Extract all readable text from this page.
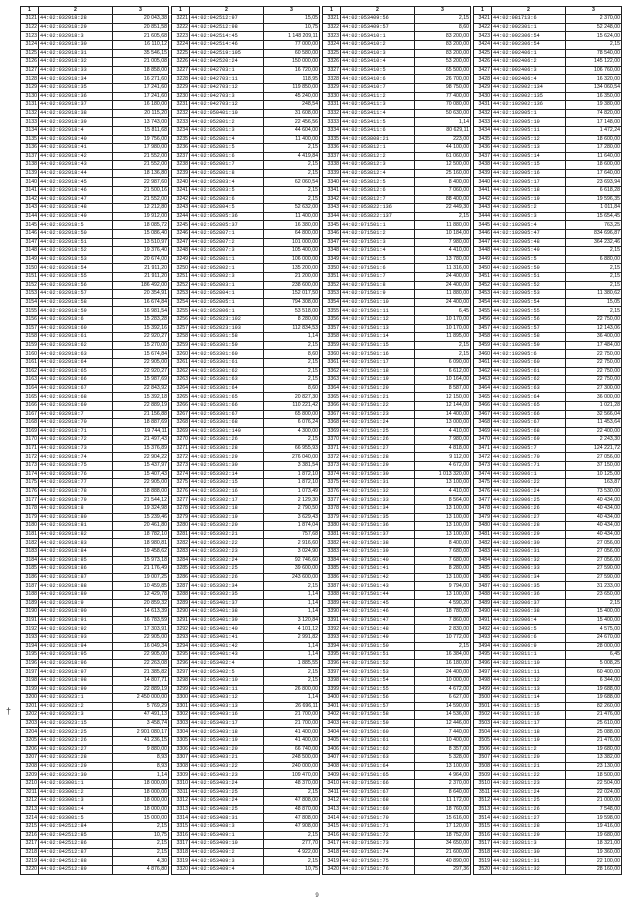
1	2	3
3121	44:02:032918:28	20 043,38
3122	44:02:032918:29	20 851,58
3123	44:02:032918:3	21 605,68
3124	44:02:032918:30	16 110,12
3125	44:02:032918:31	35 546,15
3126	44:02:032918:32	21 005,08
3127	44:02:032918:33	18 858,00
3128	44:02:032918:34	16 271,60
3129	44:02:032918:35	17 241,60
3130	44:02:032918:36	17 241,60
3131	44:02:032918:37	16 180,00
3132	44:02:032918:38	20 115,20
3133	44:02:032918:39	13 743,00
3134	44:02:032918:4	15 811,68
3135	44:02:032918:40	19 756,00
3136	44:02:032918:41	17 980,00
3137	44:02:032918:42	21 552,00
3138	44:02:032918:43	21 552,00
3139	44:02:032918:44	18 136,80
3140	44:02:032918:45	22 987,60
3141	44:02:032918:46	21 500,16
3142	44:02:032918:47	21 552,00
3143	44:02:032918:48	12 212,80
3144	44:02:032918:49	19 912,00
3145	44:02:032918:5	18 085,72
3146	44:02:032918:50	15 086,40
3147	44:02:032918:51	13 510,97
3148	44:02:032918:52	19 376,40
3149	44:02:032918:53	20 674,00
3150	44:02:032918:54	21 911,20
3151	44:02:032918:55	21 911,20
3152	44:02:032918:56	186 492,00
3153	44:02:032918:57	20 354,91
3154	44:02:032918:58	16 674,84
3155	44:02:032918:59	16 981,54
3156	44:02:032918:6	15 283,28
3157	44:02:032918:60	15 392,16
3158	44:02:032918:61	22 920,27
3159	44:02:032918:62	15 270,00
3160	44:02:032918:63	15 674,84
3161	44:02:032918:64	22 905,00
3162	44:02:032918:65	22 920,27
3163	44:02:032918:66	15 987,69
3164	44:02:032918:67	22 843,92
3165	44:02:032918:68	15 392,18
3166	44:02:032918:69	22 889,19
3167	44:02:032918:7	21 156,88
3168	44:02:032918:70	18 887,69
3169	44:02:032918:71	19 744,11
3170	44:02:032918:72	21 497,43
3171	44:02:032918:73	15 376,89
3172	44:02:032918:74	22 904,22
3173	44:02:032918:75	15 437,97
3174	44:02:032918:76	15 407,43
3175	44:02:032918:77	22 905,00
3176	44:02:032918:78	18 888,00
3177	44:02:032918:79	21 544,12
3178	44:02:032918:8	19 324,98
3179	44:02:032918:80	15 239,46
3180	44:02:032918:81	20 461,80
3181	44:02:032918:82	18 782,10
3182	44:02:032918:83	18 980,81
3183	44:02:032918:84	19 458,62
3184	44:02:032918:85	15 973,18
3185	44:02:032918:86	21 176,49
3186	44:02:032918:87	19 007,25
3187	44:02:032918:88	10 459,85
3188	44:02:032918:89	12 429,78
3189	44:02:032918:9	20 859,32
3190	44:02:032918:90	14 613,39
3191	44:02:032918:91	16 783,59
3192	44:02:032918:92	17 303,91
3193	44:02:032918:93	22 905,00
3194	44:02:032918:94	16 049,34
3195	44:02:032918:95	22 905,00
3196	44:02:032918:96	22 263,08
3197	44:02:032918:97	21 385,82
3198	44:02:032918:98	14 807,71
3199	44:02:032918:99	22 889,19
3200	44:02:032923:1	2 450 000,00
3201	44:02:032923:2	5 769,29
3202	44:02:032923:3	47 491,13
3203	44:02:032923:15	3 458,74
3204	44:02:032923:25	2 901 080,17
3205	44:02:032923:26	41 236,15
3206	44:02:032923:27	9 880,00
3207	44:02:032923:28	8,93
3208	44:02:032923:29	8,93
3209	44:02:032923:30	1,14
3210	44:02:033001:1	18 000,00
3211	44:02:033001:2	18 000,00
3212	44:02:033001:3	18 000,00
3213	44:02:033001:4	18 000,00
3214	44:02:033001:5	15 000,00
3215	44:02:042512:84	2,15
3216	44:02:042512:85	10,75
3217	44:02:042512:86	2,15
3218	44:02:042512:87	2,15
3219	44:02:042512:88	4,30
3220	44:02:042512:89	4 876,80
1	2	3
3221	44:02:042512:97	15,05
3222	44:02:042512:98	10,75
3223	44:02:042514:45	1 148 209,11
3224	44:02:042514:46	77 000,00
3225	44:02:042519:105	60 580,00
3226	44:02:042520:24	150 000,00
3227	44:02:042703:1	16 720,00
3228	44:02:042703:11	118,95
3229	44:02:042703:12	119 850,00
3230	44:02:042703:3	45 240,00
3231	44:02:042703:12	248,54
3232	44:02:050401:10	31 608,00
3233	44:02:052801:2	22 456,56
3234	44:02:052801:3	44 604,00
3235	44:02:052801:4	11 400,00
3236	44:02:052801:5	2,15
3237	44:02:052801:6	4 419,84
3238	44:02:052801:7	2,15
3239	44:02:052801:8	2,15
3240	44:02:052803:4	62 060,54
3241	44:02:052803:5	2,15
3242	44:02:052803:6	2,15
3243	44:02:052804:5	52 632,00
3244	44:02:052805:36	11 400,00
3245	44:02:052805:37	16 380,00
3246	44:02:052807:1	64 800,00
3247	44:02:052807:2	101 000,00
3248	44:02:052807:3	105 400,00
3249	44:02:052801:1	106 000,00
3250	44:02:052802:1	135 200,00
3251	44:02:052802:3	21 200,00
3252	44:02:052803:1	238 600,00
3253	44:02:052804:1	152 017,50
3254	44:02:052805:1	794 308,00
3255	44:02:052806:1	53 518,00
3256	44:02:052823:102	8 280,00
3257	44:02:052823:103	112 834,53
3258	44:02:053301:58	1,14
3259	44:02:053301:59	2,15
3260	44:02:053301:60	8,60
3261	44:02:053301:61	2,15
3262	44:02:053301:62	2,15
3263	44:02:053301:63	2,15
3264	44:02:053301:64	8,60
3265	44:02:053301:65	20 827,30
3266	44:02:053301:66	110 221,42
3267	44:02:053301:67	65 800,00
3268	44:02:053301:68	6 076,24
3269	44:02:053301:140	4 300,00
3270	44:02:053301:26	2,15
3271	44:02:053301:28	66 955,93
3272	44:02:053301:29	276 040,00
3273	44:02:053301:30	3 381,54
3274	44:02:053302:14	1 872,10
3275	44:02:053302:15	1 872,10
3276	44:02:053302:16	1 073,49
3277	44:02:053302:17	2 129,30
3278	44:02:053302:18	2 790,50
3279	44:02:053302:19	3 629,43
3280	44:02:053302:20	1 874,04
3281	44:02:053302:21	757,68
3282	44:02:053302:22	2 916,60
3283	44:02:053302:23	3 024,90
3284	44:02:053302:24	92 746,60
3285	44:02:053302:25	39 600,00
3286	44:02:053302:26	243 600,00
3287	44:02:053302:34	2,15
3288	44:02:053302:35	1,14
3289	44:02:053401:37	1,14
3290	44:02:053401:38	1,14
3291	44:02:053401:39	3 120,84
3292	44:02:053401:40	4 101,12
3293	44:02:053401:41	2 991,82
3294	44:02:053401:42	1,14
3295	44:02:053401:43	1,14
3296	44:02:053402:4	1 885,55
3297	44:02:053402:5	2,15
3298	44:02:053403:10	2,15
3299	44:02:053403:11	26 800,00
3300	44:02:053403:12	1,14
3301	44:02:053403:13	26 696,11
3302	44:02:053403:16	21 700,00
3303	44:02:053403:17	21 700,00
3304	44:02:053403:18	41 400,00
3305	44:02:053403:19	41 400,00
3306	44:02:053403:20	66 740,00
3307	44:02:053403:21	248 500,00
3308	44:02:053403:22	240 000,00
3309	44:02:053403:23	109 470,00
3310	44:02:053403:24	48 370,00
3311	44:02:053403:25	2,15
3312	44:02:053408:24	47 808,00
3313	44:02:053408:25	48 870,00
3314	44:02:053408:31	47 808,00
3315	44:02:053408:3	47 908,00
3316	44:02:053409:1	2,15
3317	44:02:053409:10	277,70
3318	44:02:053409:2	4 922,00
3319	44:02:053409:3	2,15
3320	44:02:053409:4	10,75
1	2	3
3321	44:02:053409:56	2,15
3322	44:02:053409:57	8,60
3323	44:02:053410:1	83 200,00
3324	44:02:053410:2	83 200,00
3325	44:02:053410:3	83 200,00
3326	44:02:053410:4	53 200,00
3327	44:02:053410:5	65 500,00
3328	44:02:053410:6	26 700,00
3329	44:02:053410:7	98 750,00
3330	44:02:053411:2	77 400,00
3331	44:02:053411:3	70 080,00
3332	44:02:053411:4	50 630,00
3333	44:02:053411:5	1,14
3334	44:02:053411:6	80 629,11
3335	44:02:053808:21	223,00
3336	44:02:053812:1	44 100,00
3337	44:02:053812:2	61 060,00
3338	44:02:053812:3	12 500,00
3339	44:02:053812:4	25 160,00
3340	44:02:053812:5	8 400,00
3341	44:02:053812:6	7 060,00
3342	44:02:053812:7	88 400,00
3343	44:02:053822:136	22 449,30
3344	44:02:053822:137	2,15
3345	44:02:071501:1	11 880,00
3346	44:02:071501:2	10 184,00
3347	44:02:071501:3	7 980,00
3348	44:02:071501:4	4 410,00
3349	44:02:071501:5	13 780,00
3350	44:02:071501:6	11 316,00
3351	44:02:071501:7	24 400,00
3352	44:02:071501:8	24 400,00
3353	44:02:071501:9	11 880,00
3354	44:02:071501:10	24 400,00
3355	44:02:071501:11	6,45
3356	44:02:071501:12	10 170,00
3357	44:02:071501:13	10 170,00
3358	44:02:071501:14	11 895,00
3359	44:02:071501:15	2,15
3360	44:02:071501:16	2,15
3361	44:02:071501:17	6 090,00
3362	44:02:071501:18	6 612,00
3363	44:02:071501:19	10 164,00
3364	44:02:071501:20	8 587,00
3365	44:02:071501:21	12 150,00
3366	44:02:071501:22	12 144,00
3367	44:02:071501:23	14 400,00
3368	44:02:071501:24	13 000,00
3369	44:02:071501:25	4 410,00
3370	44:02:071501:26	7 980,00
3371	44:02:071501:27	4 818,00
3372	44:02:071501:28	9 112,00
3373	44:02:071501:29	4 672,00
3374	44:02:071501:30	1 013 320,00
3375	44:02:071501:31	13 100,00
3376	44:02:071501:32	4 410,00
3377	44:02:071501:33	8 564,00
3378	44:02:071501:34	13 100,00
3379	44:02:071501:35	13 100,00
3380	44:02:071501:36	13 100,00
3381	44:02:071501:37	13 100,00
3382	44:02:071501:38	8 400,00
3383	44:02:071501:39	7 680,00
3384	44:02:071501:40	7 680,00
3385	44:02:071501:41	8 280,00
3386	44:02:071501:42	13 100,00
3387	44:02:071501:43	9 794,00
3388	44:02:071501:44	13 100,00
3389	44:02:071501:45	4 590,20
3390	44:02:071501:46	18 780,00
3391	44:02:071501:47	7 860,00
3392	44:02:071501:48	2 830,00
3393	44:02:071501:49	10 772,00
3394	44:02:071501:50	2,15
3395	44:02:071501:51	16 384,00
3396	44:02:071501:52	16 180,00
3397	44:02:071501:53	24 400,00
3398	44:02:071501:54	10 000,00
3399	44:02:071501:55	4 672,00
3400	44:02:071501:56	6 627,00
3401	44:02:071501:57	14 590,00
3402	44:02:071501:58	14 536,00
3403	44:02:071501:59	12 446,00
3404	44:02:071501:60	7 440,00
3405	44:02:071501:61	10 400,00
3406	44:02:071501:62	8 357,00
3407	44:02:071501:63	5 328,00
3408	44:02:071501:64	13 100,00
3409	44:02:071501:65	4 964,00
3410	44:02:071501:66	2 370,00
3411	44:02:071501:67	8 640,00
3412	44:02:071501:68	11 172,00
3413	44:02:071501:69	18 760,00
3414	44:02:071501:70	15 616,00
3415	44:02:071501:71	17 120,00
3416	44:02:071501:72	18 752,00
3417	44:02:071501:73	34 650,00
3418	44:02:071501:74	21 600,00
3419	44:02:071501:75	40 890,00
3420	44:02:071501:76	297,36
1	2	3
3421	44:02:081713:6	2 370,00
3422	44:02:092301:1	52 248,00
3423	44:02:092306:54	15 624,00
3424	44:02:092306:54	2,15
3425	44:02:092406:1	78 540,00
3426	44:02:092406:2	145 122,00
3427	44:02:092406:3	106 760,00
3428	44:02:092406:4	16 320,00
3429	44:02:102902:134	134 060,54
3430	44:02:102902:135	16 350,00
3431	44:02:102902:136	19 380,00
3432	44:02:102905:1	74 820,00
3433	44:02:102905:10	17 148,00
3434	44:02:102905:11	1 472,24
3435	44:02:102905:12	18 600,00
3436	44:02:102905:13	17 280,00
3437	44:02:102905:14	11 640,00
3438	44:02:102905:15	18 600,00
3439	44:02:102905:16	17 640,00
3440	44:02:102905:17	23 693,94
3441	44:02:102905:18	6 618,28
3442	44:02:102905:19	19 596,35
3443	44:02:102905:2	1 011,84
3444	44:02:102905:3	15 654,45
3445	44:02:102905:4	763,25
3446	44:02:102905:47	834 696,87
3447	44:02:102905:48	364 232,46
3448	44:02:102905:49	2,15
3449	44:02:102905:5	6 880,00
3450	44:02:102905:50	2,15
3451	44:02:102905:51	2,15
3452	44:02:102905:52	2,15
3453	44:02:102905:53	11 380,62
3454	44:02:102905:54	15,05
3455	44:02:102905:55	2,15
3456	44:02:102905:56	22 750,00
3457	44:02:102905:57	12 143,06
3458	44:02:102905:58	36 400,00
3459	44:02:102905:59	17 484,00
3460	44:02:102905:6	22 750,00
3461	44:02:102905:60	22 750,00
3462	44:02:102905:61	22 750,00
3463	44:02:102905:62	22 750,00
3464	44:02:102905:63	27 300,00
3465	44:02:102905:64	36 000,00
3466	44:02:102905:65	1 021,28
3467	44:02:102905:66	32 566,04
3468	44:02:102905:67	11 453,64
3469	44:02:102905:68	22 400,00
3470	44:02:102905:69	2 243,30
3471	44:02:102905:7	124 221,72
3472	44:02:102905:70	27 056,00
3473	44:02:102905:71	37 150,00
3474	44:02:102906:1	10 125,00
3475	44:02:102906:22	163,87
3476	44:02:102906:24	73 530,00
3477	44:02:102906:25	40 434,00
3478	44:02:102906:26	40 434,00
3479	44:02:102906:27	40 434,00
3480	44:02:102906:28	40 434,00
3481	44:02:102906:29	40 434,00
3482	44:02:102906:30	27 056,00
3483	44:02:102906:31	27 056,00
3484	44:02:102906:32	27 056,00
3485	44:02:102906:33	27 590,00
3486	44:02:102906:34	27 590,00
3487	44:02:102906:35	31 233,00
3488	44:02:102906:36	23 650,00
3489	44:02:102906:37	2,15
3490	44:02:102906:38	15 400,00
3491	44:02:102906:4	15 400,00
3492	44:02:102906:5	4 575,00
3493	44:02:102906:6	24 670,00
3494	44:02:102906:9	28 000,00
3495	44:02:102811:1	6,45
3496	44:02:102811:10	5 008,25
3497	44:02:102811:11	60 400,00
3498	44:02:102811:12	6 344,00
3499	44:02:102811:13	19 688,00
3500	44:02:102811:14	19 688,00
3501	44:02:102811:15	82 260,00
3502	44:02:102811:16	21 476,00
3503	44:02:102811:17	25 610,00
3504	44:02:102811:18	25 088,00
3505	44:02:102811:19	21 476,00
3506	44:02:102811:2	19 680,00
3507	44:02:102811:20	13 382,00
3508	44:02:102811:21	23 130,00
3509	44:02:102811:22	18 500,00
3510	44:02:102811:23	22 504,00
3511	44:02:102811:24	22 024,00
3512	44:02:102811:25	21 000,00
3513	44:02:102811:26	7 548,00
3514	44:02:102811:27	19 598,00
3515	44:02:102811:28	19 416,00
3516	44:02:102811:29	19 680,00
3517	44:02:102811:3	18 321,00
3518	44:02:102811:30	19 360,00
3519	44:02:102811:31	22 100,00
3520	44:02:102811:32	28 160,00
†
9
